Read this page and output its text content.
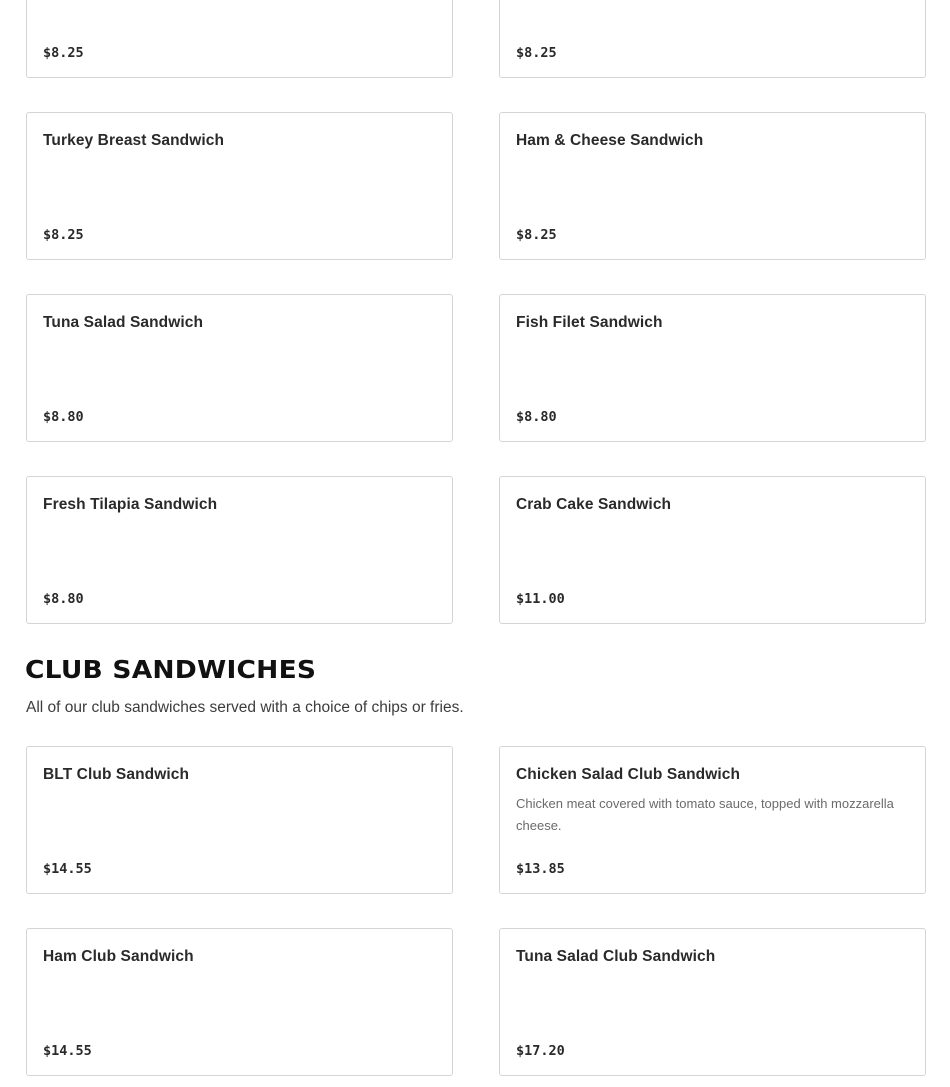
$8.25	$8.25
Turkey Breast Sandwich
$8.25
Ham & Cheese Sandwich
$8.25
Tuna Salad Sandwich
$8.80
Fish Filet Sandwich
$8.80
Fresh Tilapia Sandwich
$8.80
Crab Cake Sandwich
$11.00
CLUB SANDWICHES

All of our club sandwiches served with a choice of chips or fries.

BLT Club Sandwich
$14.55
Chicken Salad Club Sandwich
Chicken meat covered with tomato sauce, topped with mozzarella cheese.
$13.85
Ham Club Sandwich
$14.55
Tuna Salad Club Sandwich
$17.20
